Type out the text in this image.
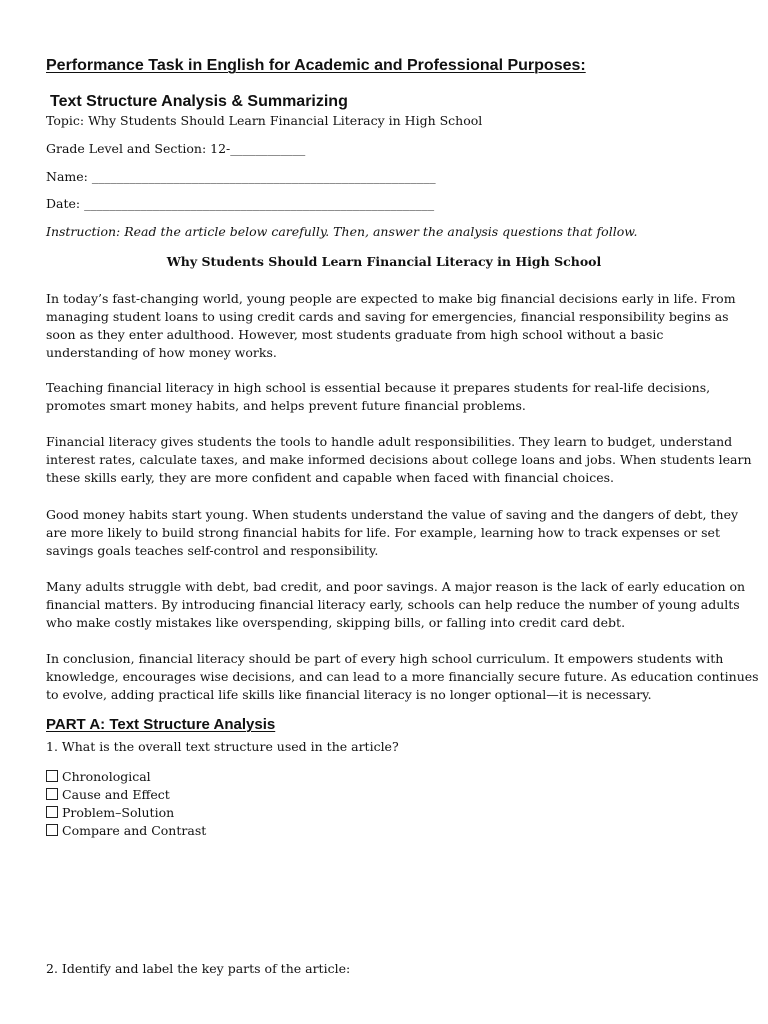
Performance Task in English for Academic and Professional Purposes:
Text Structure Analysis & Summarizing
Topic: Why Students Should Learn Financial Literacy in High School
Grade Level and Section: 12-____________
Name: _______________________________________________________
Date: ________________________________________________________
Instruction: Read the article below carefully. Then, answer the analysis questions that follow.
Why Students Should Learn Financial Literacy in High School
In today’s fast-changing world, young people are expected to make big financial decisions early in life. From
managing student loans to using credit cards and saving for emergencies, financial responsibility begins as
soon as they enter adulthood. However, most students graduate from high school without a basic
understanding of how money works.
Teaching financial literacy in high school is essential because it prepares students for real-life decisions,
promotes smart money habits, and helps prevent future financial problems.
Financial literacy gives students the tools to handle adult responsibilities. They learn to budget, understand
interest rates, calculate taxes, and make informed decisions about college loans and jobs. When students learn
these skills early, they are more confident and capable when faced with financial choices.
Good money habits start young. When students understand the value of saving and the dangers of debt, they
are more likely to build strong financial habits for life. For example, learning how to track expenses or set
savings goals teaches self-control and responsibility.
Many adults struggle with debt, bad credit, and poor savings. A major reason is the lack of early education on
financial matters. By introducing financial literacy early, schools can help reduce the number of young adults
who make costly mistakes like overspending, skipping bills, or falling into credit card debt.
In conclusion, financial literacy should be part of every high school curriculum. It empowers students with
knowledge, encourages wise decisions, and can lead to a more financially secure future. As education continues
to evolve, adding practical life skills like financial literacy is no longer optional—it is necessary.
PART A: Text Structure Analysis
1. What is the overall text structure used in the article?
Chronological
Cause and Effect
Problem–Solution
Compare and Contrast
2. Identify and label the key parts of the article:
